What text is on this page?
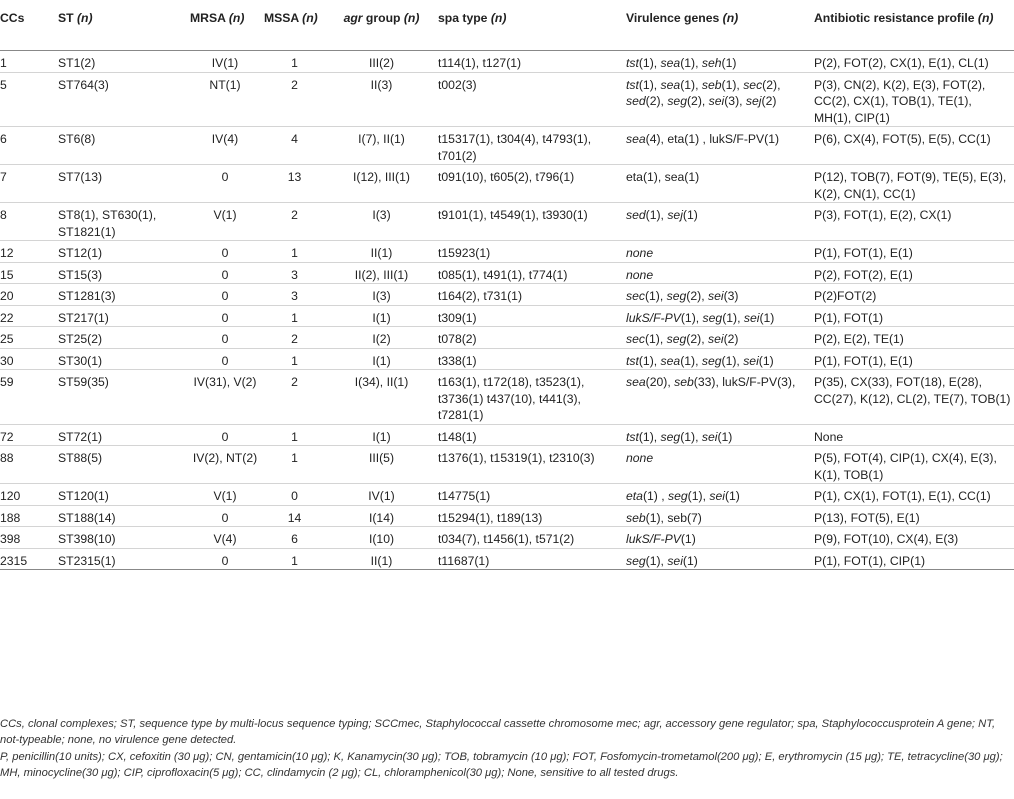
CCs	ST (n)	MRSA (n)	MSSA (n)	agr group (n)	spa type (n)	Virulence genes (n)	Antibiotic resistance profile (n)
1	ST1(2)	IV(1)	1	III(2)	t114(1), t127(1)	tst(1), sea(1), seh(1)	P(2), FOT(2), CX(1), E(1), CL(1)
5	ST764(3)	NT(1)	2	II(3)	t002(3)	tst(1), sea(1), seb(1), sec(2), sed(2), seg(2), sei(3), sej(2)	P(3), CN(2), K(2), E(3), FOT(2), CC(2), CX(1), TOB(1), TE(1), MH(1), CIP(1)
6	ST6(8)	IV(4)	4	I(7), II(1)	t15317(1), t304(4), t4793(1), t701(2)	sea(4), eta(1) , lukS/F-PV(1)	P(6), CX(4), FOT(5), E(5), CC(1)
7	ST7(13)	0	13	I(12), III(1)	t091(10), t605(2), t796(1)	eta(1), sea(1)	P(12), TOB(7), FOT(9), TE(5), E(3), K(2), CN(1), CC(1)
8	ST8(1), ST630(1), ST1821(1)	V(1)	2	I(3)	t9101(1), t4549(1), t3930(1)	sed(1), sej(1)	P(3), FOT(1), E(2), CX(1)
12	ST12(1)	0	1	II(1)	t15923(1)	none	P(1), FOT(1), E(1)
15	ST15(3)	0	3	II(2), III(1)	t085(1), t491(1), t774(1)	none	P(2), FOT(2), E(1)
20	ST1281(3)	0	3	I(3)	t164(2), t731(1)	sec(1), seg(2), sei(3)	P(2)FOT(2)
22	ST217(1)	0	1	I(1)	t309(1)	lukS/F-PV(1), seg(1), sei(1)	P(1), FOT(1)
25	ST25(2)	0	2	I(2)	t078(2)	sec(1), seg(2), sei(2)	P(2), E(2), TE(1)
30	ST30(1)	0	1	I(1)	t338(1)	tst(1), sea(1), seg(1), sei(1)	P(1), FOT(1), E(1)
59	ST59(35)	IV(31), V(2)	2	I(34), II(1)	t163(1), t172(18), t3523(1), t3736(1) t437(10), t441(3), t7281(1)	sea(20), seb(33), lukS/F-PV(3),	P(35), CX(33), FOT(18), E(28), CC(27), K(12), CL(2), TE(7), TOB(1)
72	ST72(1)	0	1	I(1)	t148(1)	tst(1), seg(1), sei(1)	None
88	ST88(5)	IV(2), NT(2)	1	III(5)	t1376(1), t15319(1), t2310(3)	none	P(5), FOT(4), CIP(1), CX(4), E(3), K(1), TOB(1)
120	ST120(1)	V(1)	0	IV(1)	t14775(1)	eta(1) , seg(1), sei(1)	P(1), CX(1), FOT(1), E(1), CC(1)
188	ST188(14)	0	14	I(14)	t15294(1), t189(13)	seb(1), seb(7)	P(13), FOT(5), E(1)
398	ST398(10)	V(4)	6	I(10)	t034(7), t1456(1), t571(2)	lukS/F-PV(1)	P(9), FOT(10), CX(4), E(3)
2315	ST2315(1)	0	1	II(1)	t11687(1)	seg(1), sei(1)	P(1), FOT(1), CIP(1)

CCs, clonal complexes; ST, sequence type by multi-locus sequence typing; SCCmec, Staphylococcal cassette chromosome mec; agr, accessory gene regulator; spa, Staphylococcusprotein A gene; NT, not-typeable; none, no virulence gene detected.

P, penicillin(10 units); CX, cefoxitin (30 μg); CN, gentamicin(10 μg); K, Kanamycin(30 μg); TOB, tobramycin (10 μg); FOT, Fosfomycin-trometamol(200 μg); E, erythromycin (15 μg); TE, tetracycline(30 μg); MH, minocycline(30 μg); CIP, ciprofloxacin(5 μg); CC, clindamycin (2 μg); CL, chloramphenicol(30 μg); None, sensitive to all tested drugs.
